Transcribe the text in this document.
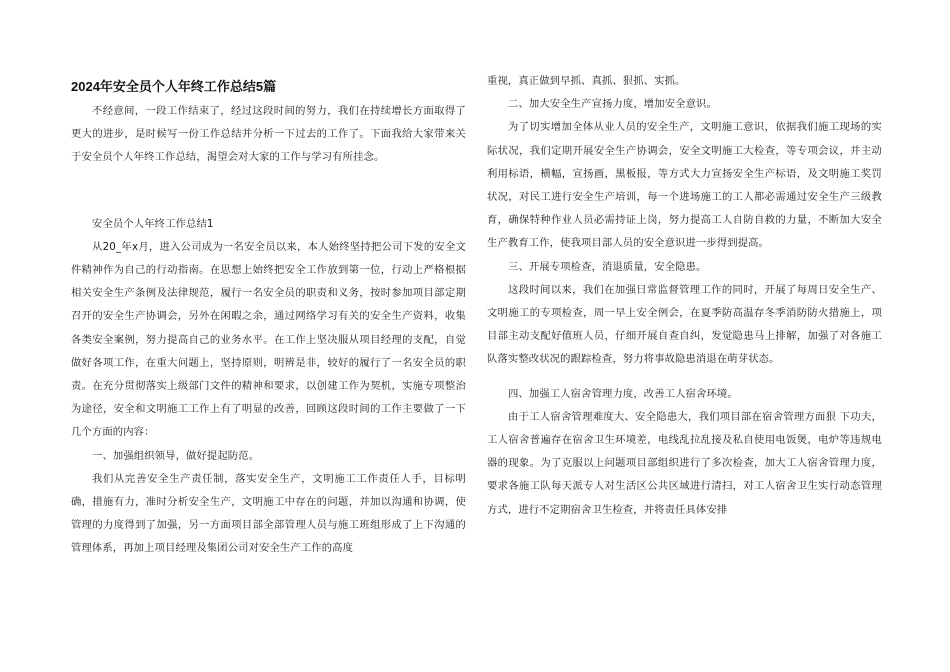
2024年安全员个人年终工作总结5篇

不经意间，一段工作结束了，经过这段时间的努力，我们在持续增长方面取得了更大的进步，是时候写一份工作总结并分析一下过去的工作了。下面我给大家带来关于安全员个人年终工作总结，渴望会对大家的工作与学习有所挂念。

安全员个人年终工作总结1

从20_年x月，进入公司成为一名安全员以来，本人始终坚持把公司下发的安全文件精神作为自己的行动指南。在思想上始终把安全工作放到第一位，行动上严格根据相关安全生产条例及法律规范，履行一名安全员的职责和义务，按时参加项目部定期召开的安全生产协调会，另外在闲暇之余，通过网络学习有关的安全生产资料，收集各类安全案例，努力提高自己的业务水平。在工作上坚决服从项目经理的支配，自觉做好各项工作，在重大问题上，坚持原则，明辨是非，较好的履行了一名安全员的职责。在充分贯彻落实上级部门文件的精神和要求，以创建工作为契机，实施专项整治为途径，安全和文明施工工作上有了明显的改善，回顾这段时间的工作主要做了一下几个方面的内容：

一、加强组织领导，做好提起防范。

我们从完善安全生产责任制，落实安全生产，文明施工工作责任人手，目标明确，措施有力，准时分析安全生产，文明施工中存在的问题，并加以沟通和协调，使管理的力度得到了加强，另一方面项目部全部管理人员与施工班组形成了上下沟通的管理体系，再加上项目经理及集团公司对安全生产工作的高度

重视，真正做到早抓、真抓、狠抓、实抓。

二、加大安全生产宣扬力度，增加安全意识。

为了切实增加全体从业人员的安全生产，文明施工意识，依据我们施工现场的实际状况，我们定期开展安全生产协调会，安全文明施工大检查，等专项会议，并主动利用标语，横幅，宣扬画，黑板报，等方式大力宣扬安全生产标语，及文明施工奖罚状况，对民工进行安全生产培训，每一个进场施工的工人都必需通过安全生产三级教育，确保特种作业人员必需持证上岗，努力提高工人自防自救的力量，不断加大安全生产教育工作，使我项目部人员的安全意识进一步得到提高。

三、开展专项检查，消退质量，安全隐患。

这段时间以来，我们在加强日常监督管理工作的同时，开展了每周日安全生产、文明施工的专项检查，周一早上安全例会，在夏季防高温存冬季消防防火措施上，项目部主动支配好值班人员，仔细开展自查自纠，发觉隐患马上排解，加强了对各施工队落实整改状况的跟踪检查，努力将事故隐患消退在萌芽状态。

四、加强工人宿舍管理力度，改善工人宿舍环境。

由于工人宿舍管理难度大、安全隐患大，我们项目部在宿舍管理方面狠 下功夫，工人宿舍普遍存在宿舍卫生环境差，电线乱拉乱接及私自使用电饭煲，电炉等违规电器的现象。为了克服以上问题项目部组织进行了多次检查，加大工人宿舍管理力度，要求各施工队每天派专人对生活区公共区域进行清扫，对工人宿舍卫生实行动态管理方式，进行不定期宿舍卫生检查，并将责任具体安排
